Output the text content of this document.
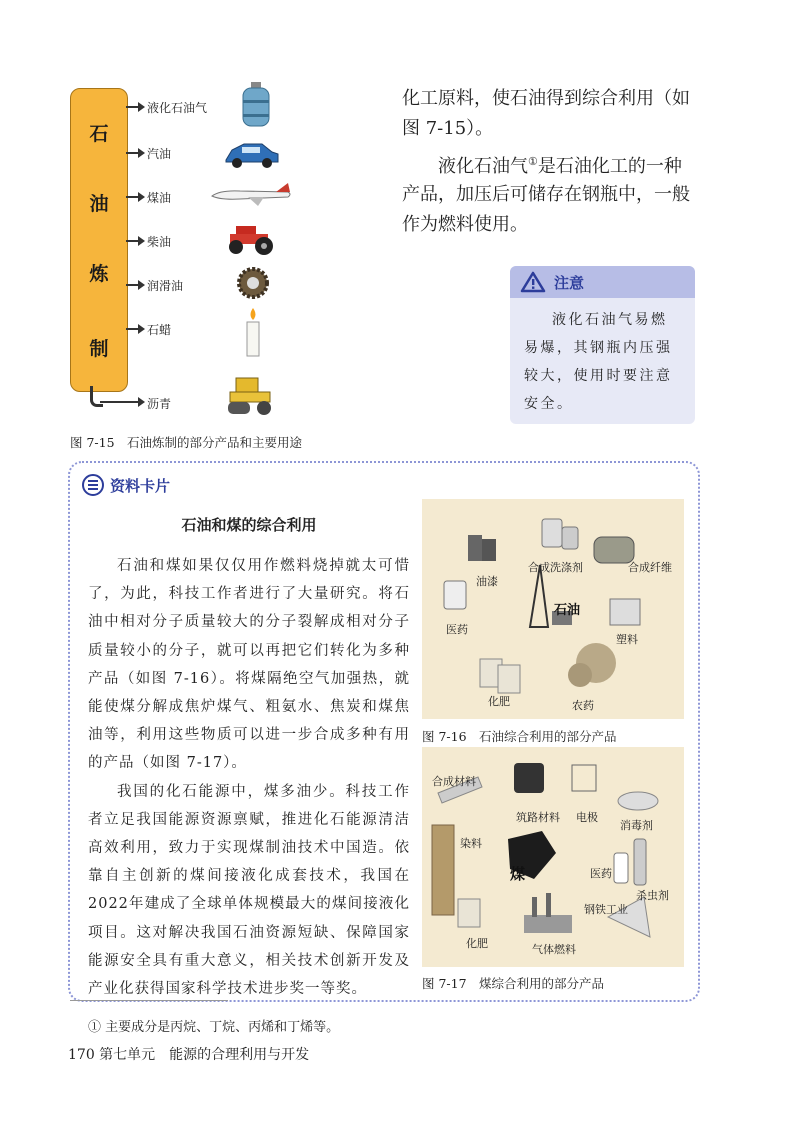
石
油
炼
制
液化石油气
汽油
煤油
柴油
润滑油
石蜡
沥青
图 7-15　石油炼制的部分产品和主要用途
化工原料，使石油得到综合利用（如
图 7-15）。
液化石油气①是石油化工的一种
产品，加压后可储存在钢瓶中，一般
作为燃料使用。
注意
液化石油气易燃易爆，其钢瓶内压强较大，使用时要注意安全。
资料卡片
石油和煤的综合利用

石油和煤如果仅仅用作燃料烧掉就太可惜了，为此，科技工作者进行了大量研究。将石油中相对分子质量较大的分子裂解成相对分子质量较小的分子，就可以再把它们转化为多种产品（如图 7-16）。将煤隔绝空气加强热，就能使煤分解成焦炉煤气、粗氨水、焦炭和煤焦油等，利用这些物质可以进一步合成多种有用的产品（如图 7-17）。

我国的化石能源中，煤多油少。科技工作者立足我国能源资源禀赋，推进化石能源清洁高效利用，致力于实现煤制油技术中国造。依靠自主创新的煤间接液化成套技术，我国在2022年建成了全球单体规模最大的煤间接液化项目。这对解决我国石油资源短缺、保障国家能源安全具有重大意义，相关技术创新开发及产业化获得国家科学技术进步奖一等奖。

油漆
合成洗涤剂	合成纤维
医药
塑料
化肥	农药
石油
图 7-16　石油综合利用的部分产品
合成材料
筑路材料 电极
消毒剂
染料
医药
杀虫剂
钢铁工业
化肥	气体燃料
煤
图 7-17　煤综合利用的部分产品
① 主要成分是丙烷、丁烷、丙烯和丁烯等。
170 第七单元　能源的合理利用与开发
